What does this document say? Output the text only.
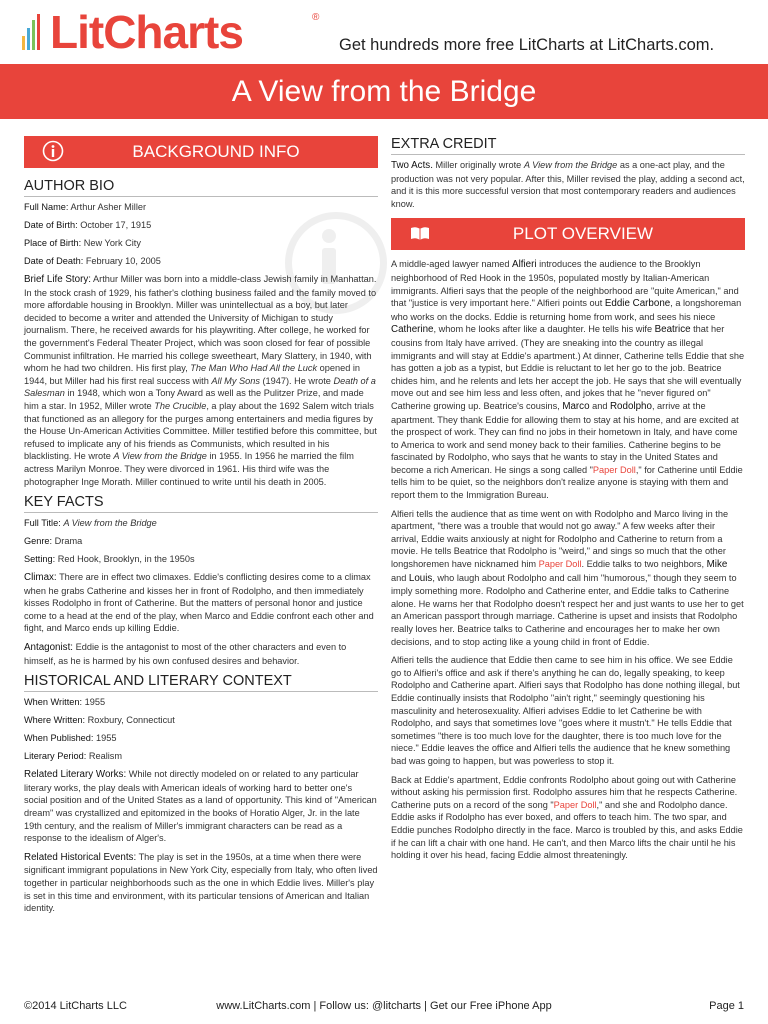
LitCharts	®
Get hundreds more free LitCharts at LitCharts.com.
A View from the Bridge
BACKGROUND INFO
AUTHOR BIO
Full Name: Arthur Asher Miller
Date of Birth: October 17, 1915
Place of Birth: New York City
Date of Death: February 10, 2005
Brief Life Story: Arthur Miller was born into a middle-class Jewish family in Manhattan. In the stock crash of 1929, his father's clothing business failed and the family moved to more affordable housing in Brooklyn. Miller was unintellectual as a boy, but later decided to become a writer and attended the University of Michigan to study journalism. There, he received awards for his playwriting. After college, he worked for the government's Federal Theater Project, which was soon closed for fear of possible Communist infiltration. He married his college sweetheart, Mary Slattery, in 1940, with whom he had two children. His first play, The Man Who Had All the Luck opened in 1944, but Miller had his first real success with All My Sons (1947). He wrote Death of a Salesman in 1948, which won a Tony Award as well as the Pulitzer Prize, and made him a star. In 1952, Miller wrote The Crucible, a play about the 1692 Salem witch trials that functioned as an allegory for the purges among entertainers and media figures by the House Un-American Activities Committee. Miller testified before this committee, but refused to implicate any of his friends as Communists, which resulted in his blacklisting. He wrote A View from the Bridge in 1955. In 1956 he married the film actress Marilyn Monroe. They were divorced in 1961. His third wife was the photographer Inge Morath. Miller continued to write until his death in 2005.
KEY FACTS
Full Title: A View from the Bridge
Genre: Drama
Setting: Red Hook, Brooklyn, in the 1950s
Climax: There are in effect two climaxes. Eddie's conflicting desires come to a climax when he grabs Catherine and kisses her in front of Rodolpho, and then immediately kisses Rodolpho in front of Catherine. But the matters of personal honor and justice come to a head at the end of the play, when Marco and Eddie confront each other and fight, and Marco ends up killing Eddie.
Antagonist: Eddie is the antagonist to most of the other characters and even to himself, as he is harmed by his own confused desires and behavior.
HISTORICAL AND LITERARY CONTEXT
When Written: 1955
Where Written: Roxbury, Connecticut
When Published: 1955
Literary Period: Realism
Related Literary Works: While not directly modeled on or related to any particular literary works, the play deals with American ideals of working hard to better one's social position and of the United States as a land of opportunity. This kind of "American dream" was crystallized and epitomized in the books of Horatio Alger, Jr. in the late 19th century, and the realism of Miller's immigrant characters can be read as a response to the idealism of Alger's.
Related Historical Events: The play is set in the 1950s, at a time when there were significant immigrant populations in New York City, especially from Italy, who often lived together in particular neighborhoods such as the one in which Eddie lives. Miller's play is set in this time and environment, with its particular tensions of American and Italian identity.
EXTRA CREDIT
Two Acts. Miller originally wrote A View from the Bridge as a one-act play, and the production was not very popular. After this, Miller revised the play, adding a second act, and it is this more successful version that most contemporary readers and audiences know.
PLOT OVERVIEW
A middle-aged lawyer named Alfieri introduces the audience to the Brooklyn neighborhood of Red Hook in the 1950s, populated mostly by Italian-American immigrants. Alfieri says that the people of the neighborhood are "quite American," and that "justice is very important here." Alfieri points out Eddie Carbone, a longshoreman who works on the docks. Eddie is returning home from work, and sees his niece Catherine, whom he looks after like a daughter. He tells his wife Beatrice that her cousins from Italy have arrived. (They are sneaking into the country as illegal immigrants and will stay at Eddie's apartment.) At dinner, Catherine tells Eddie that she has gotten a job as a typist, but Eddie is reluctant to let her go to the job. Beatrice chides him, and he relents and lets her accept the job. He says that she will eventually move out and see him less and less often, and jokes that he "never figured on" Catherine growing up. Beatrice's cousins, Marco and Rodolpho, arrive at the apartment. They thank Eddie for allowing them to stay at his home, and are excited at the prospect of work. They can find no jobs in their hometown in Italy, and have come to America to work and send money back to their families. Catherine begins to be fascinated by Rodolpho, who says that he wants to stay in the United States and become a rich American. He sings a song called "Paper Doll," for Catherine until Eddie tells him to be quiet, so the neighbors don't realize anyone is staying with them and report them to the Immigration Bureau.
Alfieri tells the audience that as time went on with Rodolpho and Marco living in the apartment, "there was a trouble that would not go away." A few weeks after their arrival, Eddie waits anxiously at night for Rodolpho and Catherine to return from a movie. He tells Beatrice that Rodolpho is "weird," and sings so much that the other longshoremen have nicknamed him Paper Doll. Eddie talks to two neighbors, Mike and Louis, who laugh about Rodolpho and call him "humorous," though they seem to imply something more. Rodolpho and Catherine enter, and Eddie talks to Catherine alone. He warns her that Rodolpho doesn't respect her and just wants to use her to get an American passport through marriage. Catherine is upset and insists that Rodolpho really loves her. Beatrice talks to Catherine and encourages her to make her own decisions, and to stop acting like a young child in front of Eddie.
Alfieri tells the audience that Eddie then came to see him in his office. We see Eddie go to Alfieri's office and ask if there's anything he can do, legally speaking, to keep Rodolpho and Catherine apart. Alfieri says that Rodolpho has done nothing illegal, but Eddie continually insists that Rodolpho "ain't right," seemingly questioning his masculinity and heterosexuality. Alfieri advises Eddie to let Catherine be with Rodolpho, and says that sometimes love "goes where it mustn't." He tells Eddie that sometimes "there is too much love for the daughter, there is too much love for the niece." Eddie leaves the office and Alfieri tells the audience that he knew something bad was going to happen, but was powerless to stop it.
Back at Eddie's apartment, Eddie confronts Rodolpho about going out with Catherine without asking his permission first. Rodolpho assures him that he respects Catherine. Catherine puts on a record of the song "Paper Doll," and she and Rodolpho dance. Eddie asks if Rodolpho has ever boxed, and offers to teach him. The two spar, and Eddie punches Rodolpho directly in the face. Marco is troubled by this, and asks Eddie if he can lift a chair with one hand. He can't, and then Marco lifts the chair until he his holding it over his head, facing Eddie almost threateningly.
©2014 LitCharts LLC	www.LitCharts.com | Follow us: @litcharts | Get our Free iPhone App	Page 1
